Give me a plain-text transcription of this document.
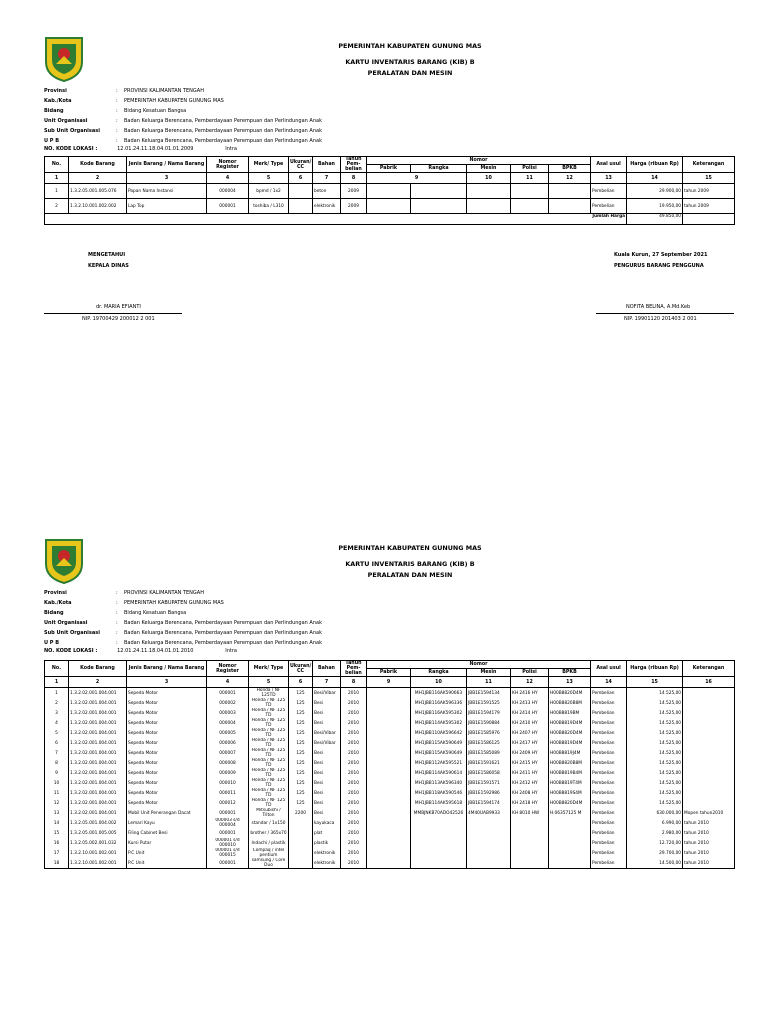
PEMERINTAH KABUPATEN GUNUNG MAS
KARTU INVENTARIS BARANG (KIB) B
PERALATAN DAN MESIN
Provinsi	:	PROVINSI KALIMANTAN TENGAH
Kab./Kota	:	PEMERINTAH KABUPATEN GUNUNG MAS
Bidang	:	Bidang Kesatuan Bangsa
Unit Organisasi	:	Badan Keluarga Berencana, Pemberdayaan Perempuan dan Perlindungan Anak
Sub Unit Organisasi	:	Badan Keluarga Berencana, Pemberdayaan Perempuan dan Perlindungan Anak
U P B	:	Badan Keluarga Berencana, Pemberdayaan Perempuan dan Perlindungan Anak
NO. KODE LOKASI :	12.01.24.11.18.04.01.01.2009	Intra
No.	Kode Barang	Jenis Barang / Nama Barang	Nomor Register	Merk/ Type	Ukuran/ CC	Bahan	Tahun Pem- belian	Nomor					Asal usul	Harga (ribuan Rp)	Keterangan
								Pabrik	Rangka	Mesin	Polisi	BPKB			
1	2	3	4	5	6	7	8	9		10	11	12	13	14	15
1	1.3.2.05.001.005.076	Papan Nama Instansi	000004	bpmd / 1x2		beton	2009						Pembelian	29.900,00	tahun 2009
2	1.3.2.10.001.002.002	Lap Top	000001	toshiba / L310		elektronik	2009						Pembelian	19.950,00	tahun 2009
Jumlah Harga														49.850,00	
MENGETAHUI
KEPALA DINAS
Kuala Kurun, 27 September 2021
PENGURUS BARANG PENGGUNA
dr. MARIA EFIANTI
NIP. 19700429 200012 2 001
NOFITA BELINA, A.Md.Keb
NIP. 19901120 201403 2 001
PEMERINTAH KABUPATEN GUNUNG MAS
KARTU INVENTARIS BARANG (KIB) B
PERALATAN DAN MESIN
Provinsi	:	PROVINSI KALIMANTAN TENGAH
Kab./Kota	:	PEMERINTAH KABUPATEN GUNUNG MAS
Bidang	:	Bidang Kesatuan Bangsa
Unit Organisasi	:	Badan Keluarga Berencana, Pemberdayaan Perempuan dan Perlindungan Anak
Sub Unit Organisasi	:	Badan Keluarga Berencana, Pemberdayaan Perempuan dan Perlindungan Anak
U P B	:	Badan Keluarga Berencana, Pemberdayaan Perempuan dan Perlindungan Anak
NO. KODE LOKASI :	12.01.24.11.18.04.01.01.2010	Intra
No.	Kode Barang	Jenis Barang / Nama Barang	Nomor Register	Merk/ Type	Ukuran/ CC	Bahan	Tahun Pem- belian	Nomor					Asal usul	Harga (ribuan Rp)	Keterangan
								Pabrik	Rangka	Mesin	Polisi	BPKB			
1	2	3	4	5	6	7	8	9	10	11	12	13	14	15	16
1	1.3.2.02.001.004.001	Sepeda Motor	000001	Honda / NF 125TD	125	Besi/Vibar	2010		MH1JBB116AK590663	JBB1E1594134	KH 2416 HY	H00B8820D4M	Pembelian	14.525,00	
2	1.3.2.02.001.004.001	Sepeda Motor	000002	Honda / NF 125 TD	125	Besi	2010		MH1JBB116AK596336	JBB1E1591525	KH 2413 HY	H00B8820B8M	Pembelian	14.525,00	
3	1.3.2.02.001.004.001	Sepeda Motor	000003	Honda / NF 125 TD	125	Besi	2010		MH1JBB116AK595302	JBB1E1594179	KH 2414 HY	H00B8819BM	Pembelian	14.525,00	
4	1.3.2.02.001.004.001	Sepeda Motor	000004	Honda / NF 125 TD	125	Besi	2010		MH1JBB114AK595302	JBB1E1590884	KH 2410 HY	H00B8819D4M	Pembelian	14.525,00	
5	1.3.2.02.001.004.001	Sepeda Motor	000005	Honda / NF 125 TD	125	Besi/Vibar	2010		MH1JBB110AK596642	JBB1E1585976	KH 2407 HY	H00B8820D4M	Pembelian	14.525,00	
6	1.3.2.02.001.004.001	Sepeda Motor	000006	Honda / NF 125 TD	125	Besi/Vibar	2010		MH1JBB115AK590649	JBB1E1586125	KH 2417 HY	H00B8819D4M	Pembelian	14.525,00	
7	1.3.2.02.001.004.001	Sepeda Motor	000007	Honda / NF 125 TD	125	Besi	2010		MH1JBB115AK590649	JBB1E1585089	KH 2409 HY	H00B8819J4M	Pembelian	14.525,00	
8	1.3.2.02.001.004.001	Sepeda Motor	000008	Honda / NF 125 TD	125	Besi	2010		MH1JBB112AK595521	JBB1E1591621	KH 2415 HY	H00B8820B8M	Pembelian	14.525,00	
9	1.3.2.02.001.004.001	Sepeda Motor	000009	Honda / NF 125 TD	125	Besi	2010		MH1JBB114AK590614	JBB1E1586058	KH 2411 HY	H00B8819B4M	Pembelian	14.525,00	
10	1.3.2.02.001.004.001	Sepeda Motor	000010	Honda / NF 125 TD	125	Besi	2010		MH1JBB113AK596340	JBB1E1591571	KH 2412 HY	H00B8819T4M	Pembelian	14.525,00	
11	1.3.2.02.001.004.001	Sepeda Motor	000011	Honda / NF 125 TD	125	Besi	2010		MH1JBB118AK590546	JBB1E1592986	KH 2408 HY	H00B8819S4M	Pembelian	14.525,00	
12	1.3.2.02.001.004.001	Sepeda Motor	000012	Honda / NF 125 TD	125	Besi	2010		MH1JBB114AK595618	JBB1E1594174	KH 2418 HY	H00B8820D4M	Pembelian	14.525,00	
13	1.3.2.02.001.004.001	Mobil Unit Penerangan Dacat	000001	Mitsubishi / Triton	2200	Besi	2010		MMBJNKB70ADO42526	4M40UAB9933	KH 8010 HW	H.06357125 M	Pembelian	630.000,00	Mopen tahun2010
14	1.3.2.05.001.004.002	Lemari Kayu	000003 s/d 000004	standar / 1x150		kayukaca	2010						Pembelian	6.990,00	tahun 2010
15	1.3.2.05.001.005.005	Filing Cabinet Besi	000001	brother / 365x70		plat	2010						Pembelian	2.980,00	tahun 2010
16	1.3.2.05.002.001.032	Kursi Putar	000001 s/d 000010	Indachi / plastik		plastik	2010						Pembelian	12.720,00	tahun 2010
17	1.3.2.10.001.002.001	P.C Unit	000001 s/d 000015	Compaq / intel pentium		elektronik	2010						Pembelian	29.700,00	tahun 2010
18	1.3.2.10.001.002.001	P.C Unit	000001	samsung / Core Duo		elektronik	2010						Pembelian	14.500,00	tahun 2010
